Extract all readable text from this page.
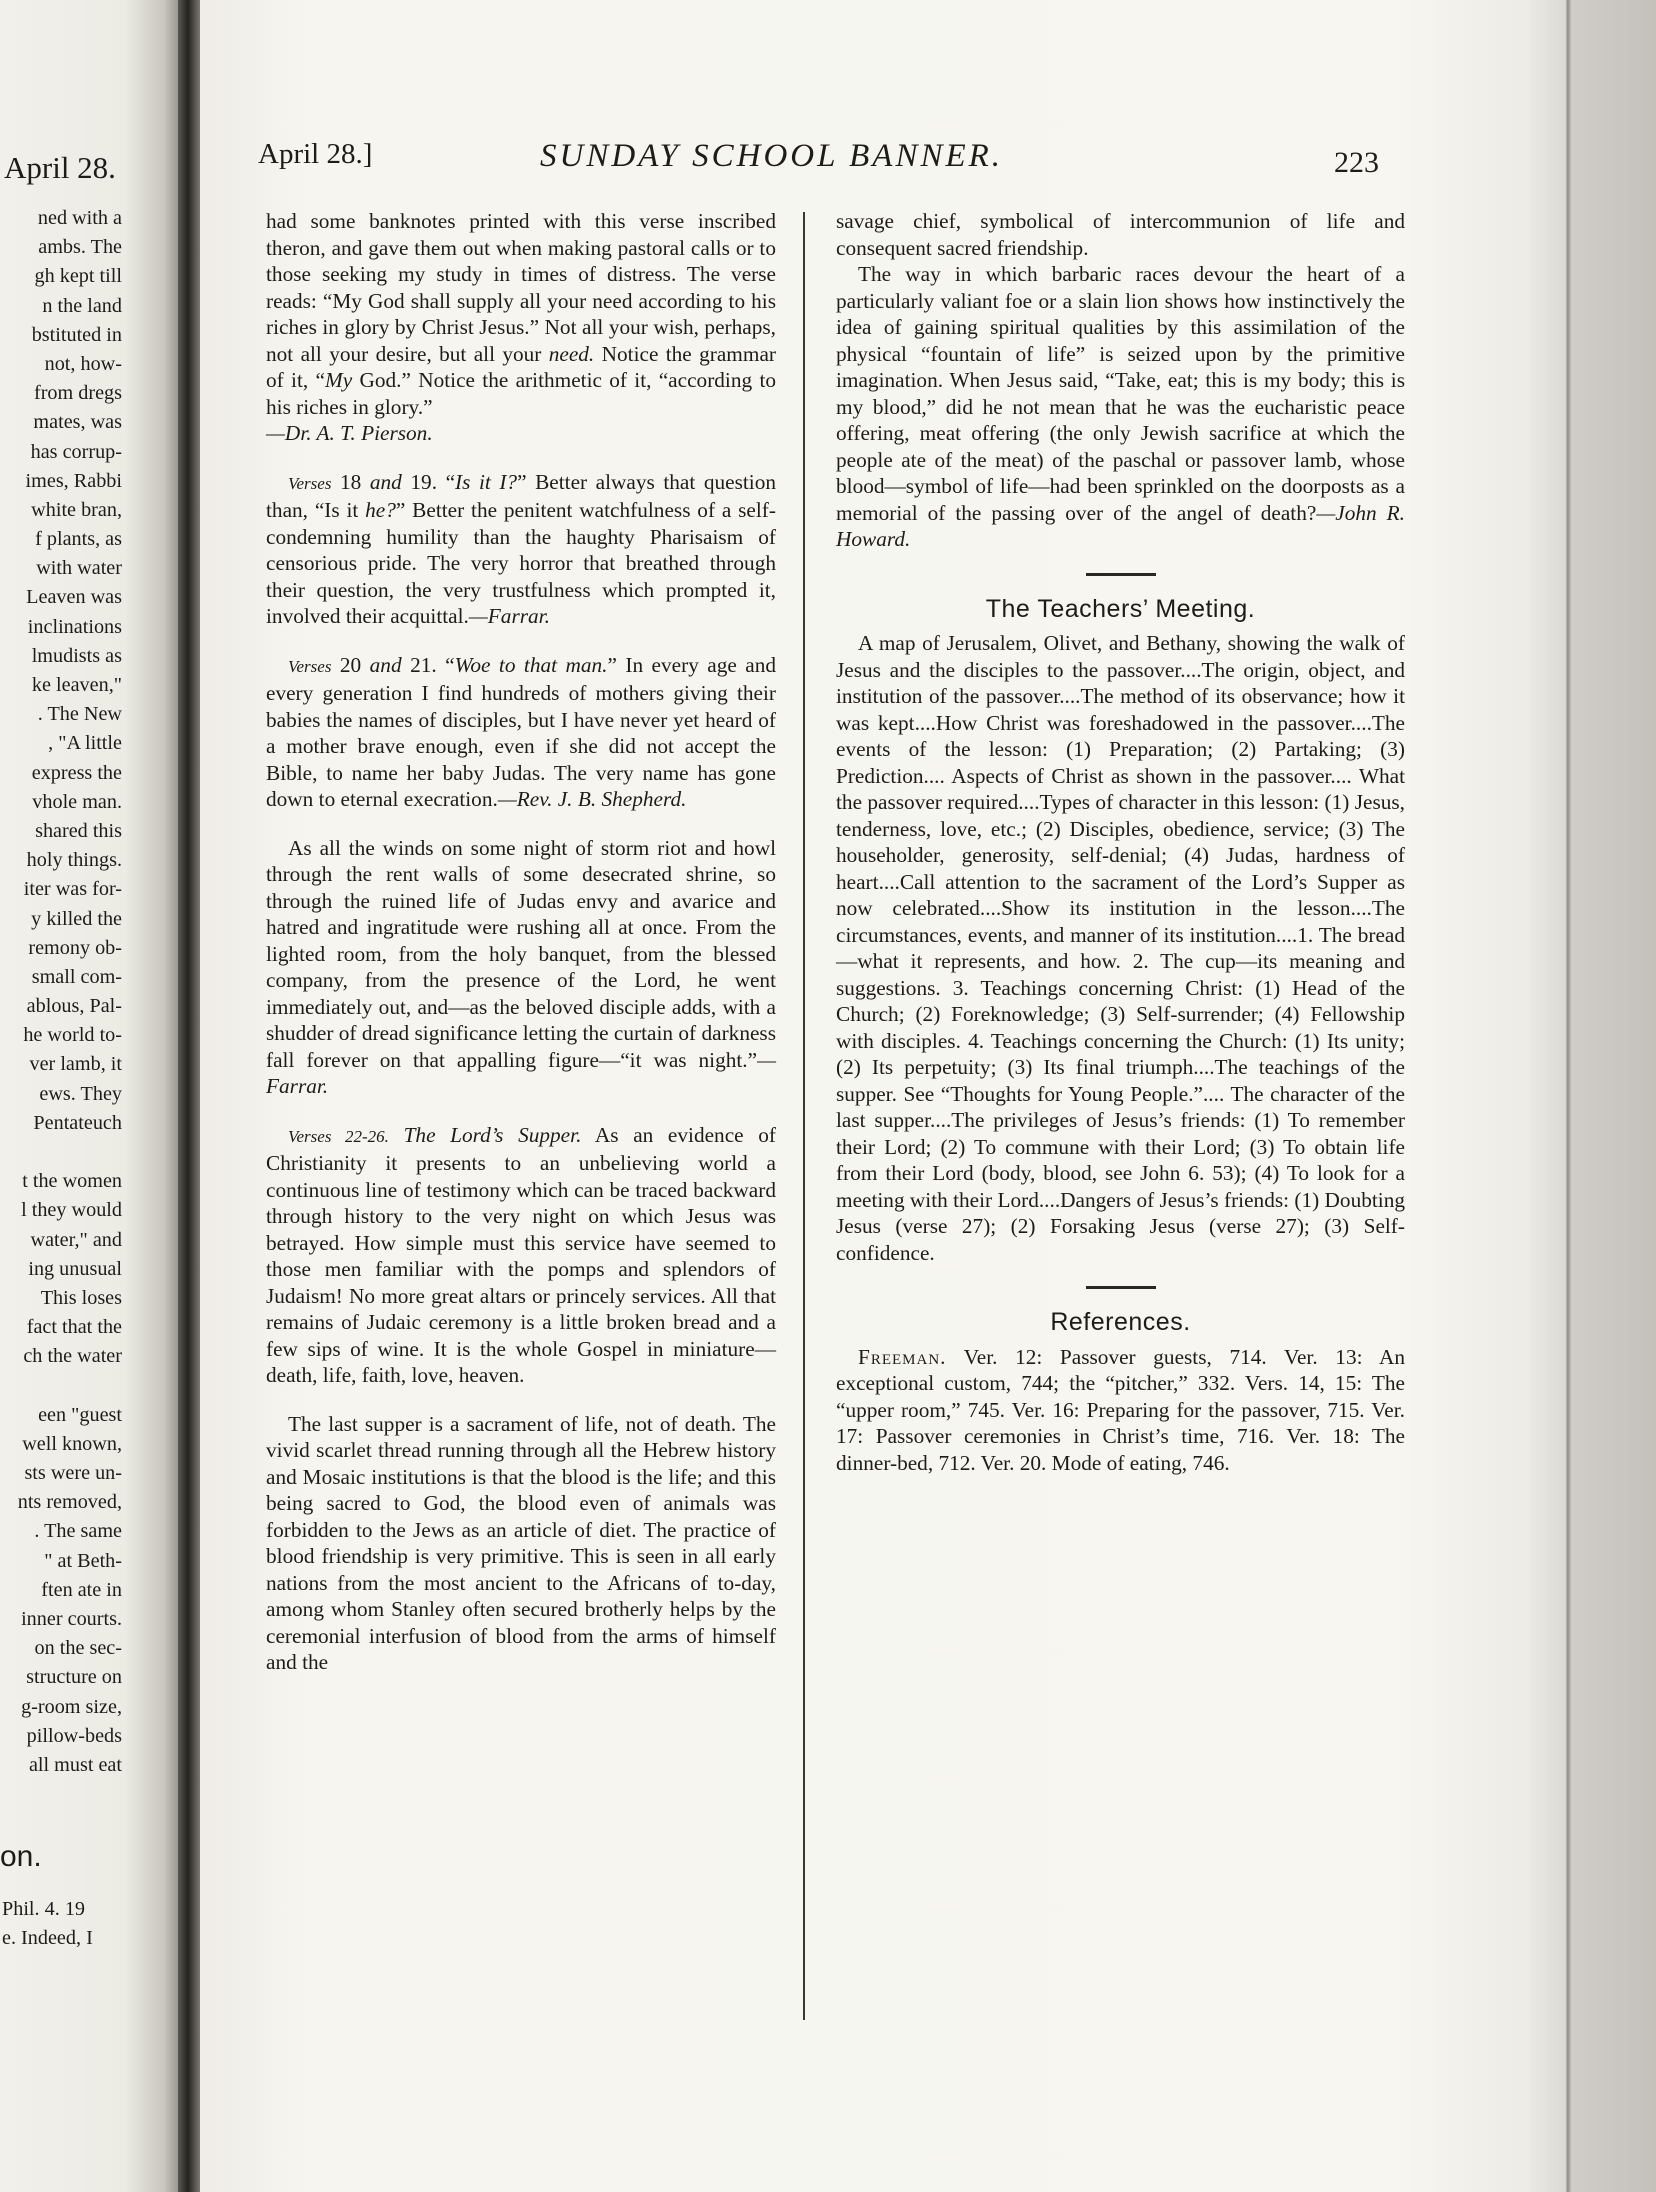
April 28.
ned with a
ambs. The
gh kept till
n the land
bstituted in
not, how-
from dregs
mates, was
has corrup-
imes, Rabbi
white bran,
f plants, as
with water
Leaven was
inclinations
lmudists as
ke leaven,"
. The New
, "A little
express the
vhole man.
shared this
holy things.
iter was for-
y killed the
remony ob-
small com-
ablous, Pal-
he world to-
ver lamb, it
ews. They
Pentateuch
t the women
l they would
water," and
ing unusual
This loses
fact that the
ch the water
een "guest
well known,
sts were un-
nts removed,
. The same
" at Beth-
ften ate in
inner courts.
on the sec-
structure on
g-room size,
pillow-beds
all must eat
on.
Phil. 4. 19
e. Indeed, I
April 28.]	SUNDAY SCHOOL BANNER.	223

had some banknotes printed with this verse inscribed theron, and gave them out when making pastoral calls or to those seeking my study in times of distress. The verse reads: “My God shall supply all your need according to his riches in glory by Christ Jesus.” Not all your wish, perhaps, not all your desire, but all your need. Notice the grammar of it, “My God.” Notice the arithmetic of it, “according to his riches in glory.”
—Dr. A. T. Pierson.

Verses 18 and 19. “Is it I?” Better always that question than, “Is it he?” Better the penitent watchfulness of a self-condemning humility than the haughty Pharisaism of censorious pride. The very horror that breathed through their question, the very trustfulness which prompted it, involved their acquittal.—Farrar.

Verses 20 and 21. “Woe to that man.” In every age and every generation I find hundreds of mothers giving their babies the names of disciples, but I have never yet heard of a mother brave enough, even if she did not accept the Bible, to name her baby Judas. The very name has gone down to eternal execration.—Rev. J. B. Shepherd.

As all the winds on some night of storm riot and howl through the rent walls of some desecrated shrine, so through the ruined life of Judas envy and avarice and hatred and ingratitude were rushing all at once. From the lighted room, from the holy banquet, from the blessed company, from the presence of the Lord, he went immediately out, and—as the beloved disciple adds, with a shudder of dread significance letting the curtain of darkness fall forever on that appalling figure—“it was night.”—Farrar.

Verses 22-26. The Lord’s Supper. As an evidence of Christianity it presents to an unbelieving world a continuous line of testimony which can be traced backward through history to the very night on which Jesus was betrayed. How simple must this service have seemed to those men familiar with the pomps and splendors of Judaism! No more great altars or princely services. All that remains of Judaic ceremony is a little broken bread and a few sips of wine. It is the whole Gospel in miniature—death, life, faith, love, heaven.

The last supper is a sacrament of life, not of death. The vivid scarlet thread running through all the Hebrew history and Mosaic institutions is that the blood is the life; and this being sacred to God, the blood even of animals was forbidden to the Jews as an article of diet. The practice of blood friendship is very primitive. This is seen in all early nations from the most ancient to the Africans of to-day, among whom Stanley often secured brotherly helps by the ceremonial interfusion of blood from the arms of himself and the

savage chief, symbolical of intercommunion of life and consequent sacred friendship.

The way in which barbaric races devour the heart of a particularly valiant foe or a slain lion shows how instinctively the idea of gaining spiritual qualities by this assimilation of the physical “fountain of life” is seized upon by the primitive imagination. When Jesus said, “Take, eat; this is my body; this is my blood,” did he not mean that he was the eucharistic peace offering, meat offering (the only Jewish sacrifice at which the people ate of the meat) of the paschal or passover lamb, whose blood—symbol of life—had been sprinkled on the doorposts as a memorial of the passing over of the angel of death?—John R. Howard.

The Teachers’ Meeting.

A map of Jerusalem, Olivet, and Bethany, showing the walk of Jesus and the disciples to the passover....The origin, object, and institution of the passover....The method of its observance; how it was kept....How Christ was foreshadowed in the passover....The events of the lesson: (1) Preparation; (2) Partaking; (3) Prediction.... Aspects of Christ as shown in the passover.... What the passover required....Types of character in this lesson: (1) Jesus, tenderness, love, etc.; (2) Disciples, obedience, service; (3) The householder, generosity, self-denial; (4) Judas, hardness of heart....Call attention to the sacrament of the Lord’s Supper as now celebrated....Show its institution in the lesson....The circumstances, events, and manner of its institution....1. The bread—what it represents, and how. 2. The cup—its meaning and suggestions. 3. Teachings concerning Christ: (1) Head of the Church; (2) Foreknowledge; (3) Self-surrender; (4) Fellowship with disciples. 4. Teachings concerning the Church: (1) Its unity; (2) Its perpetuity; (3) Its final triumph....The teachings of the supper. See “Thoughts for Young People.”.... The character of the last supper....The privileges of Jesus’s friends: (1) To remember their Lord; (2) To commune with their Lord; (3) To obtain life from their Lord (body, blood, see John 6. 53); (4) To look for a meeting with their Lord....Dangers of Jesus’s friends: (1) Doubting Jesus (verse 27); (2) Forsaking Jesus (verse 27); (3) Self-confidence.

References.

Freeman. Ver. 12: Passover guests, 714. Ver. 13: An exceptional custom, 744; the “pitcher,” 332. Vers. 14, 15: The “upper room,” 745. Ver. 16: Preparing for the passover, 715. Ver. 17: Passover ceremonies in Christ’s time, 716. Ver. 18: The dinner-bed, 712. Ver. 20. Mode of eating, 746.
